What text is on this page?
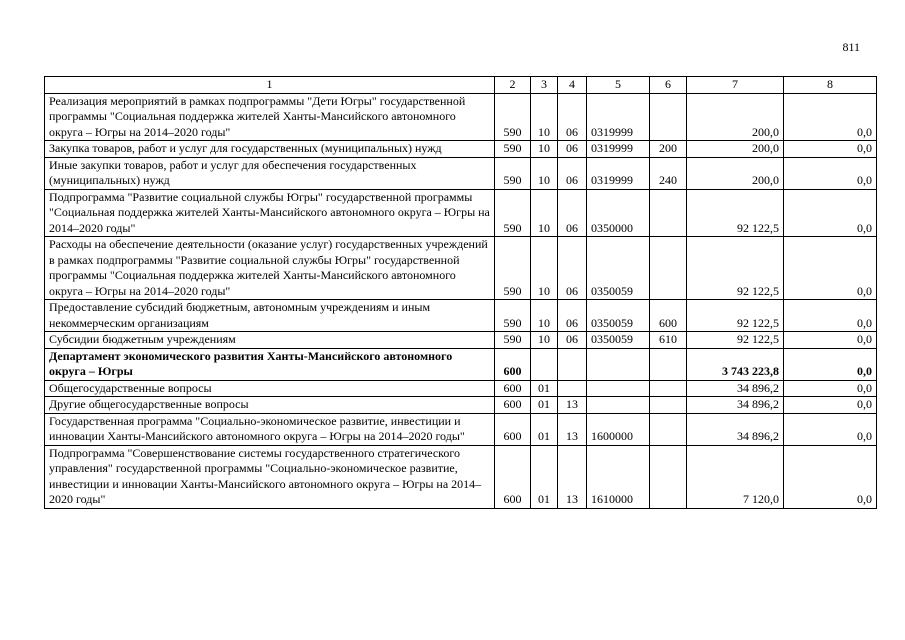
811
1	2	3	4	5	6	7	8
Реализация мероприятий в рамках подпрограммы "Дети Югры" государственной программы "Социальная поддержка жителей Ханты-Мансийского автономного округа – Югры на 2014–2020 годы"	590	10	06	0319999		200,0	0,0
Закупка товаров, работ и услуг для государственных (муниципальных) нужд	590	10	06	0319999	200	200,0	0,0
Иные закупки товаров, работ и услуг для обеспечения государственных (муниципальных) нужд	590	10	06	0319999	240	200,0	0,0
Подпрограмма "Развитие социальной службы Югры" государственной программы "Социальная поддержка жителей Ханты-Мансийского автономного округа – Югры на 2014–2020 годы"	590	10	06	0350000		92 122,5	0,0
Расходы на обеспечение деятельности (оказание услуг) государственных учреждений в рамках подпрограммы "Развитие социальной службы Югры" государственной программы "Социальная поддержка жителей Ханты-Мансийского автономного округа – Югры на 2014–2020 годы"	590	10	06	0350059		92 122,5	0,0
Предоставление субсидий бюджетным, автономным учреждениям и иным некоммерческим организациям	590	10	06	0350059	600	92 122,5	0,0
Субсидии бюджетным учреждениям	590	10	06	0350059	610	92 122,5	0,0
Департамент экономического развития Ханты-Мансийского автономного округа – Югры	600					3 743 223,8	0,0
Общегосударственные вопросы	600	01				34 896,2	0,0
Другие общегосударственные вопросы	600	01	13			34 896,2	0,0
Государственная программа "Социально-экономическое развитие, инвестиции и инновации Ханты-Мансийского автономного округа – Югры на 2014–2020 годы"	600	01	13	1600000		34 896,2	0,0
Подпрограмма "Совершенствование системы государственного стратегического управления" государственной программы "Социально-экономическое развитие, инвестиции и инновации Ханты-Мансийского автономного округа – Югры на 2014–2020 годы"	600	01	13	1610000		7 120,0	0,0
